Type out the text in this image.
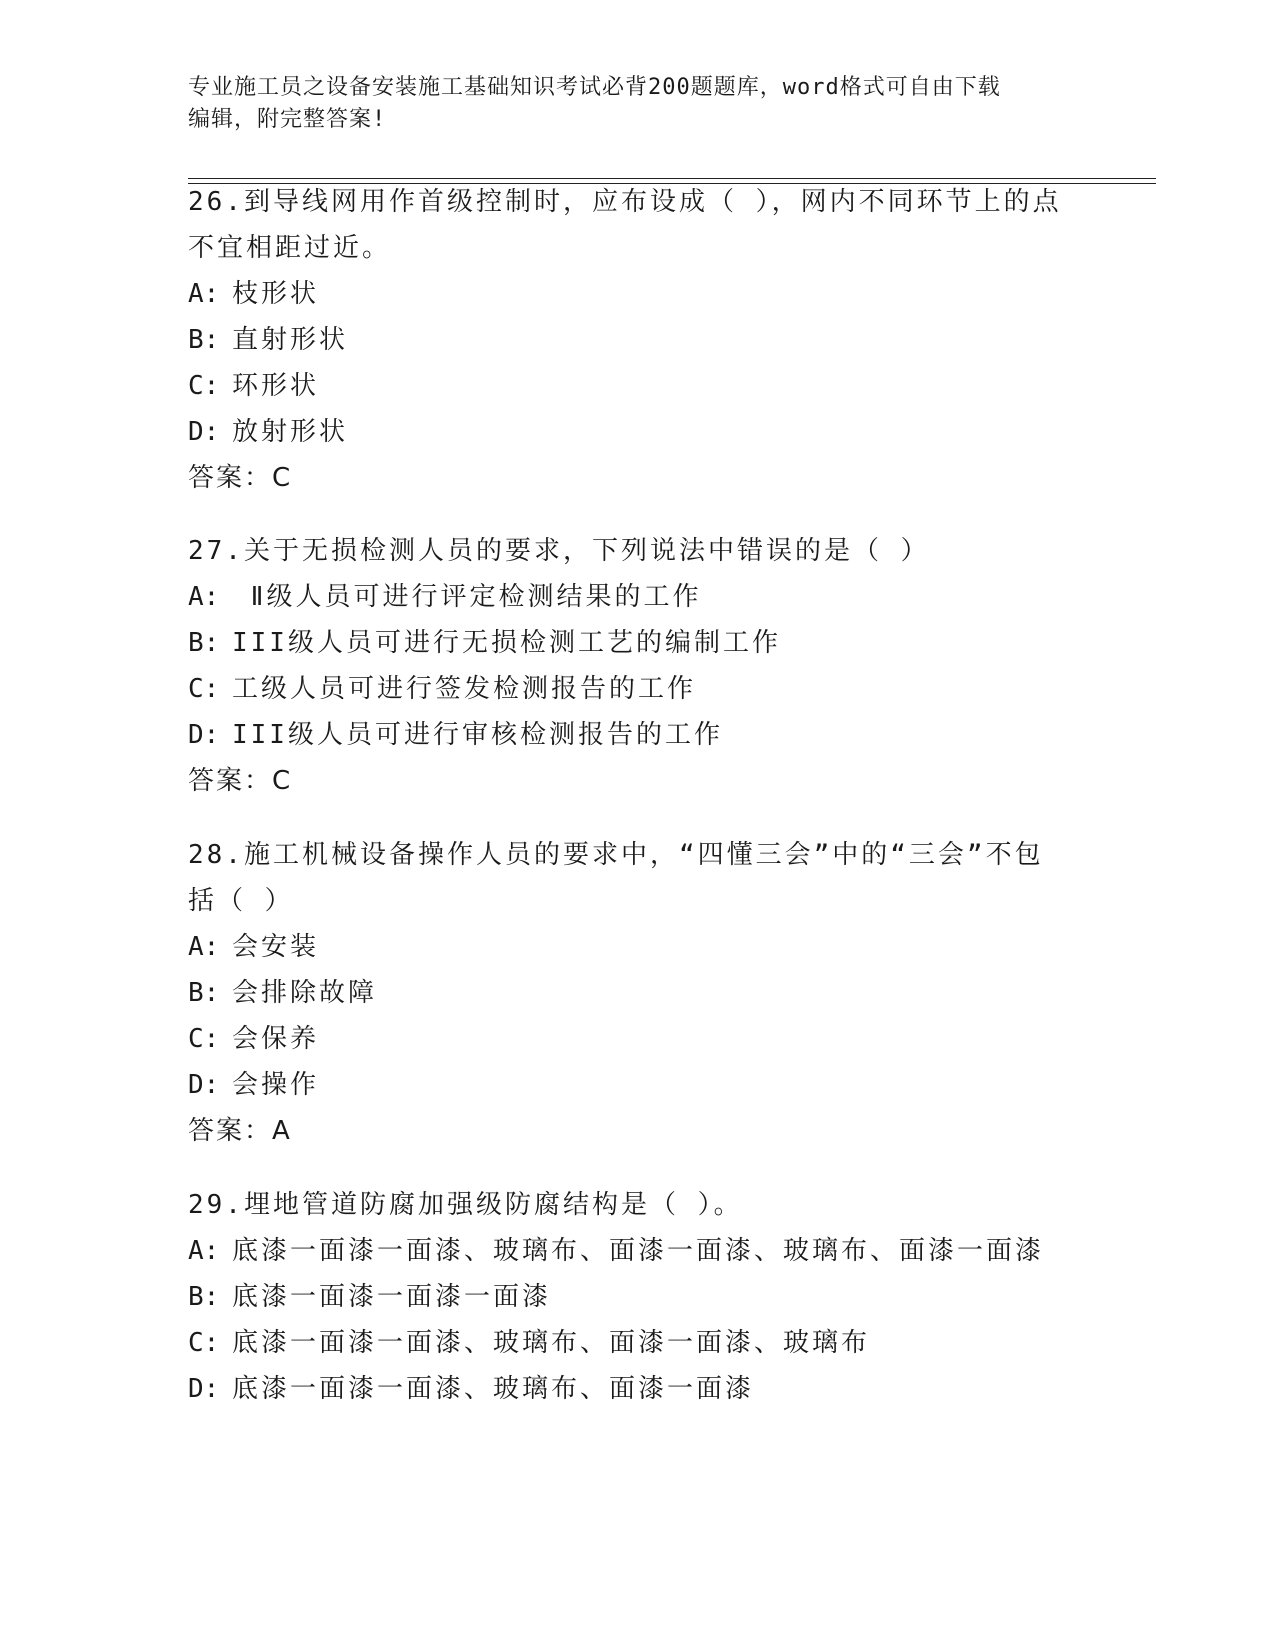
专业施工员之设备安装施工基础知识考试必背200题题库，word格式可自由下载
编辑，附完整答案!

26.到导线网用作首级控制时，应布设成（ ），网内不同环节上的点

不宜相距过近。

A: 枝形状

B: 直射形状

C: 环形状

D: 放射形状

答案：C

27.关于无损检测人员的要求，下列说法中错误的是（ ）

A: Ⅱ级人员可进行评定检测结果的工作

B: III级人员可进行无损检测工艺的编制工作

C: 工级人员可进行签发检测报告的工作

D: III级人员可进行审核检测报告的工作

答案：C

28.施工机械设备操作人员的要求中，“四懂三会”中的“三会”不包

括（ ）

A: 会安装

B: 会排除故障

C: 会保养

D: 会操作

答案：A

29.埋地管道防腐加强级防腐结构是（ ）。

A: 底漆一面漆一面漆、玻璃布、面漆一面漆、玻璃布、面漆一面漆

B: 底漆一面漆一面漆一面漆

C: 底漆一面漆一面漆、玻璃布、面漆一面漆、玻璃布

D: 底漆一面漆一面漆、玻璃布、面漆一面漆
